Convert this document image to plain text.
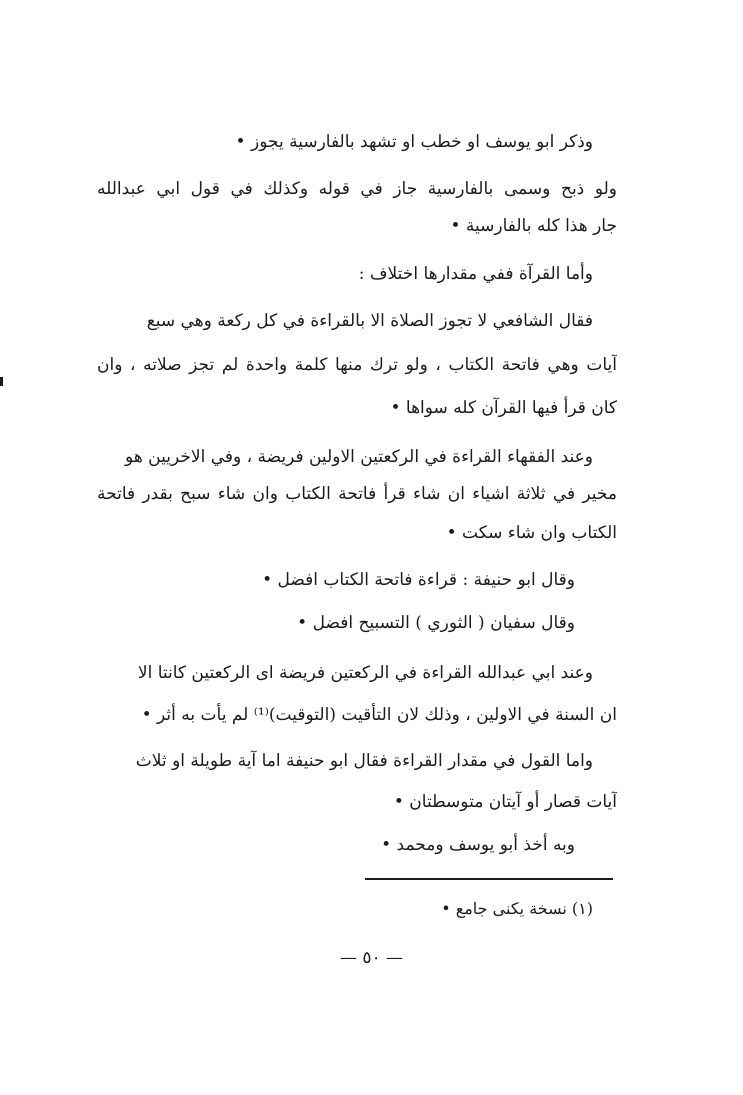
وذكر ابو يوسف او خطب او تشهد بالفارسية يجوز •
ولو ذبح وسمى بالفارسية جاز في قوله وكذلك في قول ابي عبدالله
جار هذا كله بالفارسية •
وأما القرآة ففي مقدارها اختلاف :
فقال الشافعي لا تجوز الصلاة الا بالقراءة في كل ركعة وهي سبع
آيات وهي فاتحة الكتاب ، ولو ترك منها كلمة واحدة لم تجز صلاته ، وان
كان قرأ فيها القرآن كله سواها •
وعند الفقهاء القراءة في الركعتين الاولين فريضة ، وفي الاخريين هو
مخير في ثلاثة اشياء ان شاء قرأ فاتحة الكتاب وان شاء سبح بقدر فاتحة
الكتاب وان شاء سكت •
وقال ابو حنيفة : قراءة فاتحة الكتاب افضل •
وقال سفيان ( الثوري ) التسبيح افضل •
وعند ابي عبدالله القراءة في الركعتين فريضة اى الركعتين كانتا الا
ان السنة في الاولين ، وذلك لان التأقيت (التوقيت)⁽¹⁾ لم يأت به أثر •
واما القول في مقدار القراءة فقال ابو حنيفة اما آية طويلة او ثلاث
آيات قصار أو آيتان متوسطتان •
وبه أخذ أبو يوسف ومحمد •
(١) نسخة يكنى جامع •
— ٥٠ —
